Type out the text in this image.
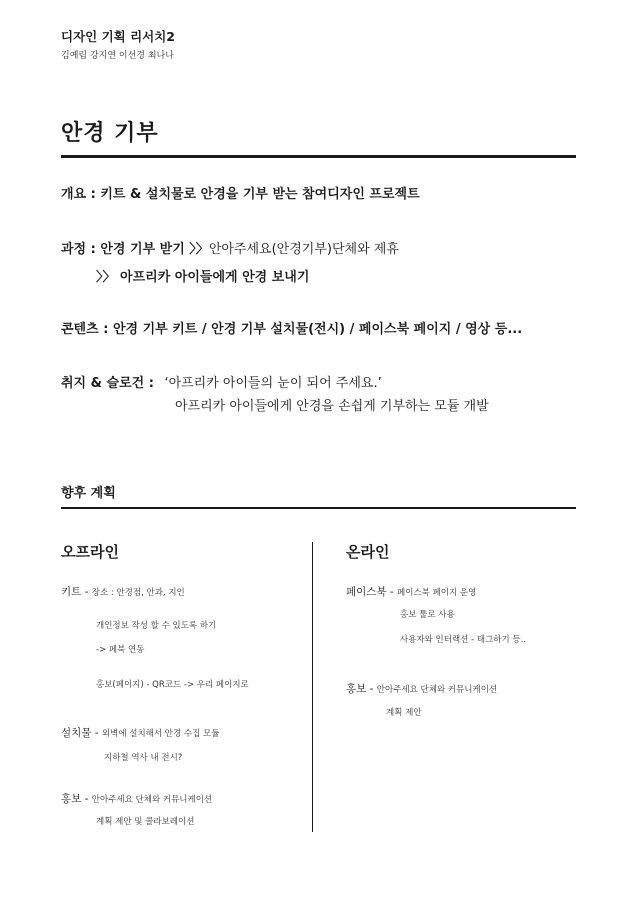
디자인 기획 리서치2
김예림 강지연 이선경 최나나
안경 기부
개요 : 키트 & 설치물로 안경을 기부 받는 참여디자인 프로젝트
과정 : 안경 기부 받기 〉〉안아주세요(안경기부)단체와 제휴
〉〉 아프리카 아이들에게 안경 보내기
콘텐츠 : 안경 기부 키트 / 안경 기부 설치물(전시) / 페이스북 페이지 / 영상 등...
취지 & 슬로건 : ‘아프리카 아이들의 눈이 되어 주세요.’
아프리카 아이들에게 안경을 손쉽게 기부하는 모듈 개발
향후 계획
오프라인	온라인
키트 - 장소 : 안경점, 안과, 지인
개인정보 작성 할 수 있도록 하기
-> 페북 연동
홍보(페이지) - QR코드 -> 우리 페이지로
설치물 - 외벽에 설치해서 안경 수집 모듈
지하철 역사 내 전시?
홍보 - 안아주세요 단체와 커뮤니케이션
계획 제안 및 콜라보레이션
페이스북 - 페이스북 페이지 운영
홍보 툴로 사용
사용자와 인터랙션 - 태그하기 등..
홍보 - 안아주세요 단체와 커뮤니케이션
계획 제안
